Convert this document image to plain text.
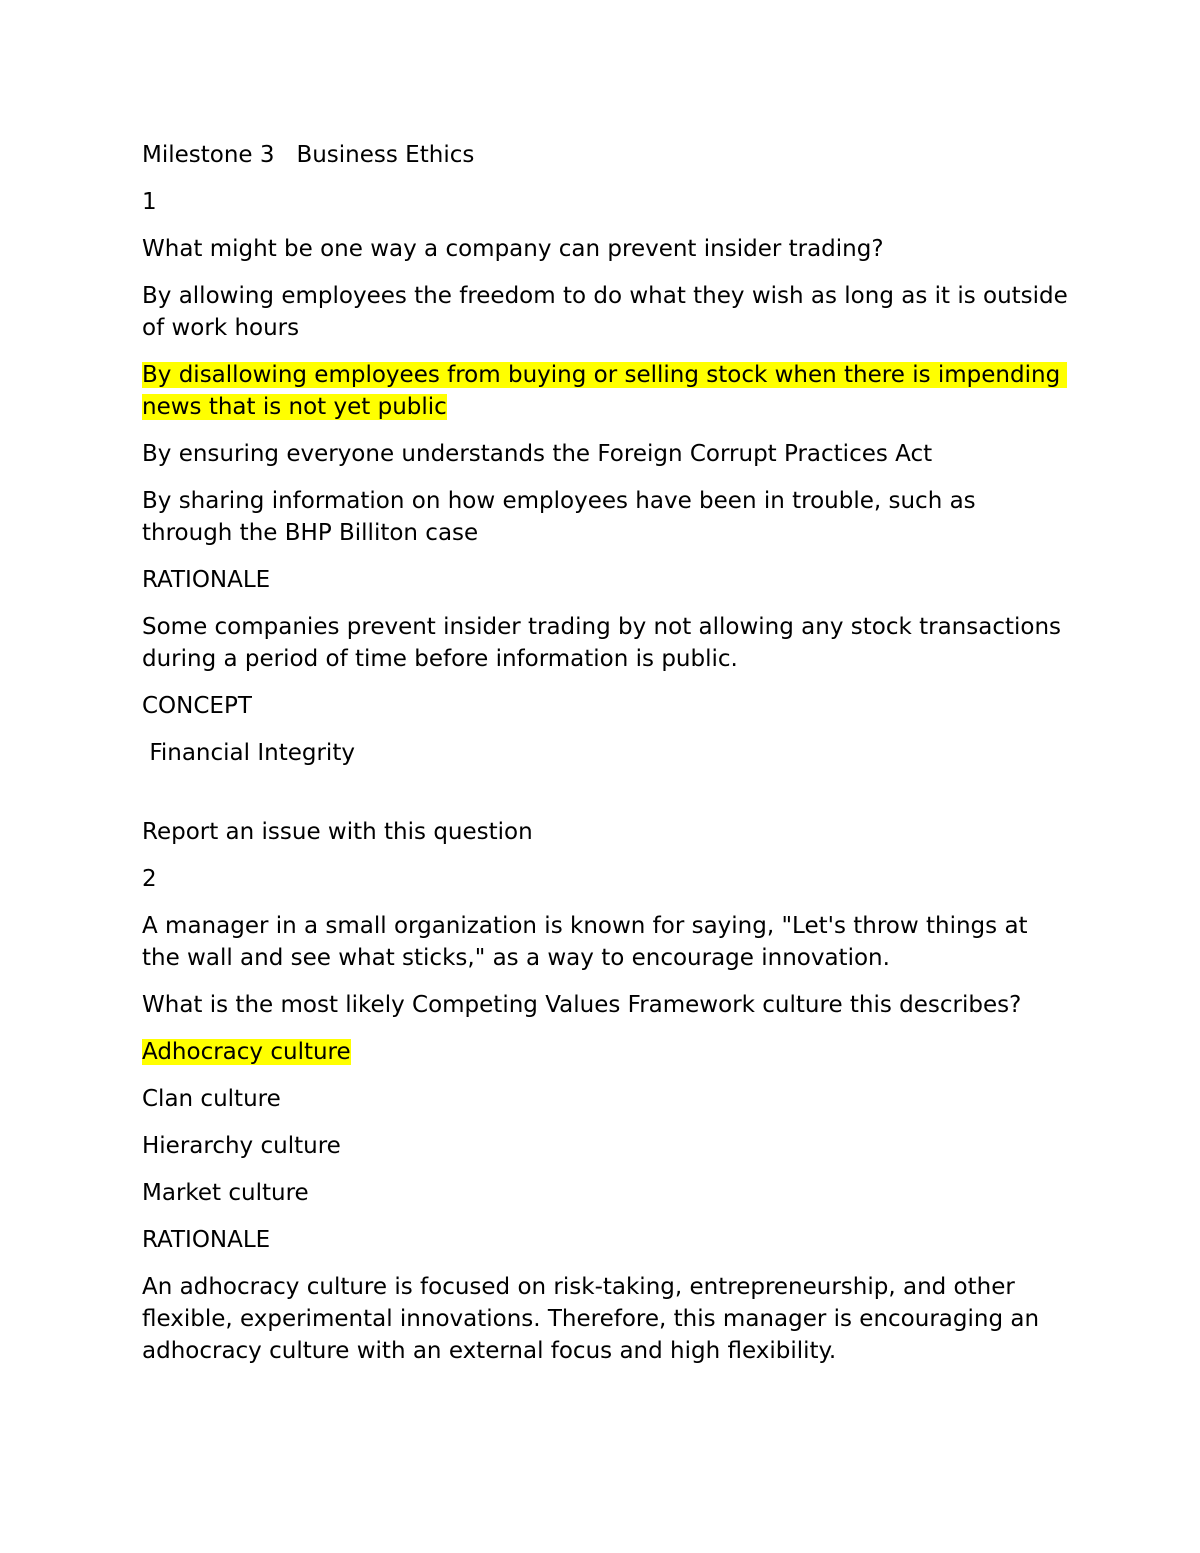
Milestone 3   Business Ethics

1

What might be one way a company can prevent insider trading?

By allowing employees the freedom to do what they wish as long as it is outside of work hours

By disallowing employees from buying or selling stock when there is impending news that is not yet public

By ensuring everyone understands the Foreign Corrupt Practices Act

By sharing information on how employees have been in trouble, such as through the BHP Billiton case

RATIONALE

Some companies prevent insider trading by not allowing any stock transactions during a period of time before information is public.

CONCEPT

Financial Integrity

Report an issue with this question

2

A manager in a small organization is known for saying, "Let's throw things at the wall and see what sticks," as a way to encourage innovation.

What is the most likely Competing Values Framework culture this describes?

Adhocracy culture

Clan culture

Hierarchy culture

Market culture

RATIONALE

An adhocracy culture is focused on risk-taking, entrepreneurship, and other flexible, experimental innovations. Therefore, this manager is encouraging an adhocracy culture with an external focus and high flexibility.
